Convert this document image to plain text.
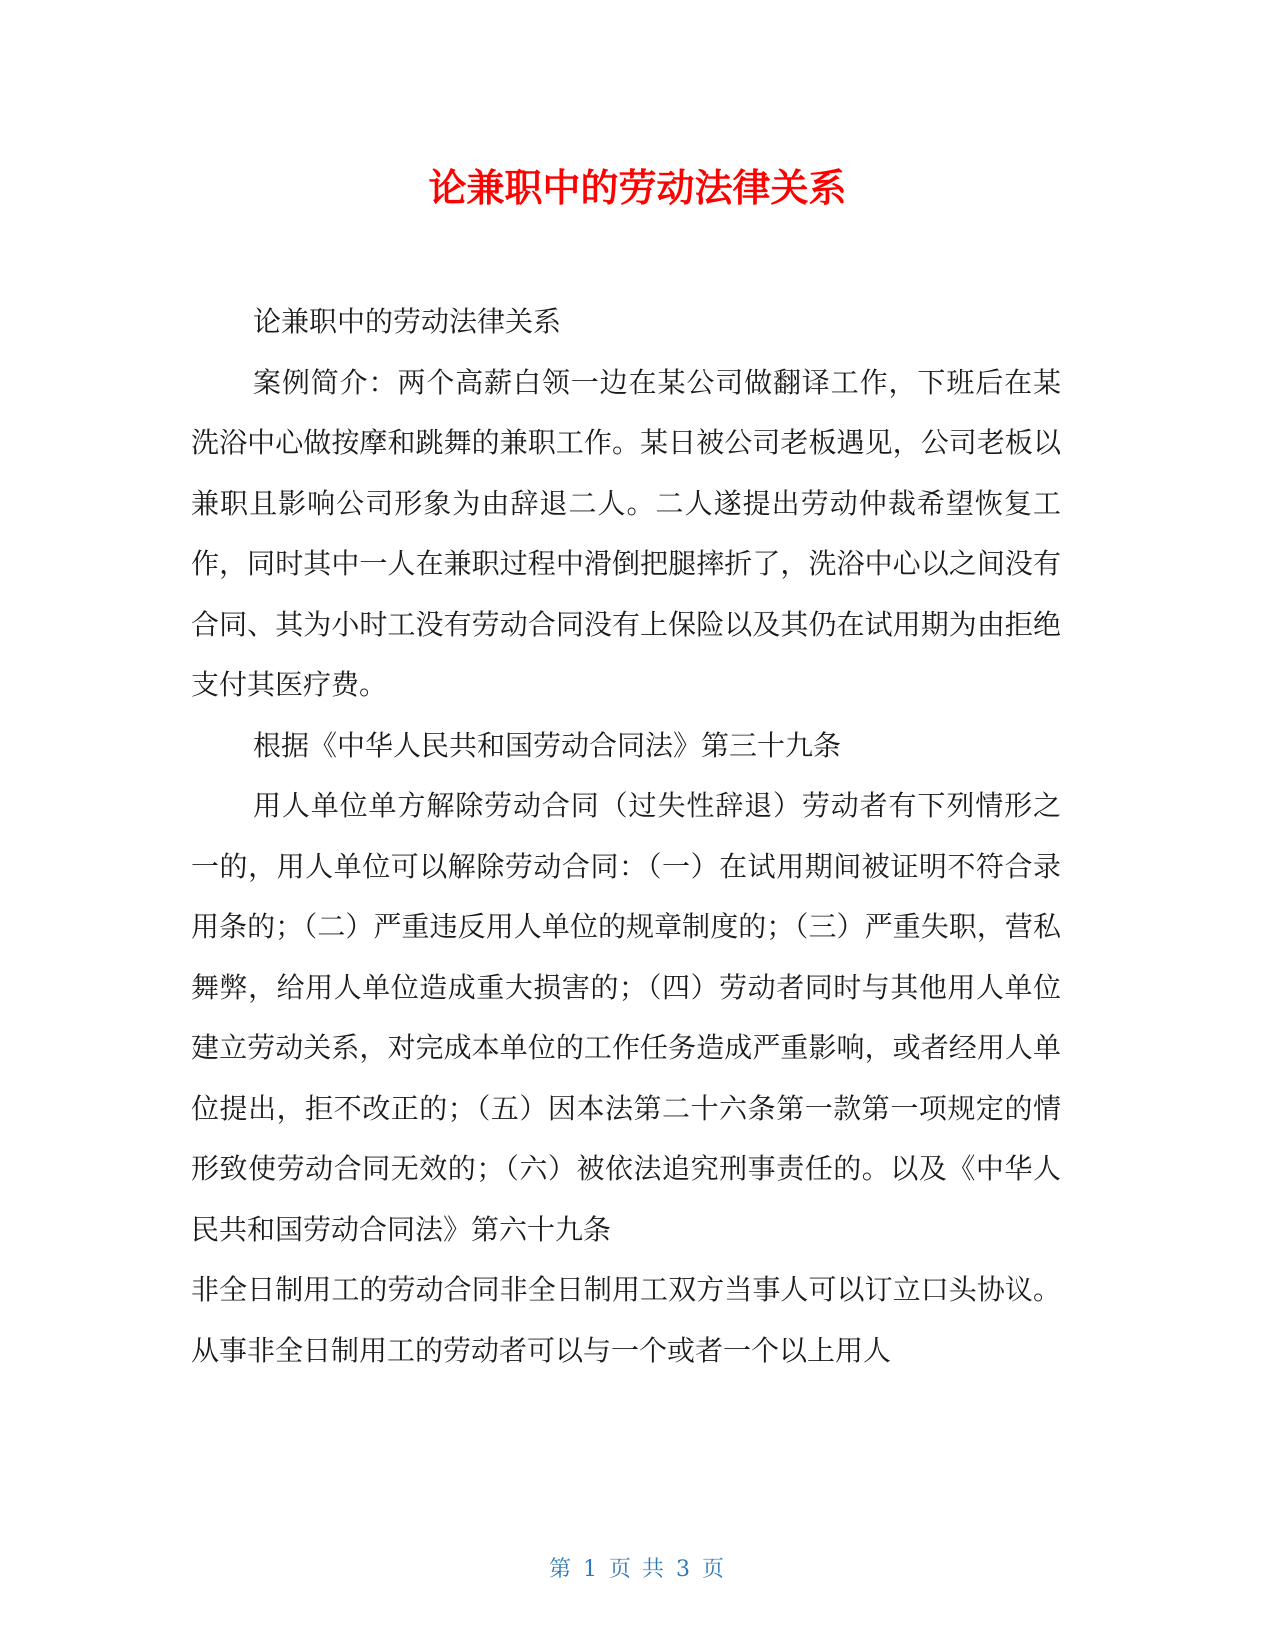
论兼职中的劳动法律关系

论兼职中的劳动法律关系

案例简介：两个高薪白领一边在某公司做翻译工作，下班后在某洗浴中心做按摩和跳舞的兼职工作。某日被公司老板遇见，公司老板以兼职且影响公司形象为由辞退二人。二人遂提出劳动仲裁希望恢复工作，同时其中一人在兼职过程中滑倒把腿摔折了，洗浴中心以之间没有合同、其为小时工没有劳动合同没有上保险以及其仍在试用期为由拒绝支付其医疗费。

根据《中华人民共和国劳动合同法》第三十九条

用人单位单方解除劳动合同（过失性辞退）劳动者有下列情形之一的，用人单位可以解除劳动合同：（一）在试用期间被证明不符合录用条的；（二）严重违反用人单位的规章制度的；（三）严重失职，营私舞弊，给用人单位造成重大损害的；（四）劳动者同时与其他用人单位建立劳动关系，对完成本单位的工作任务造成严重影响，或者经用人单位提出，拒不改正的；（五）因本法第二十六条第一款第一项规定的情形致使劳动合同无效的；（六）被依法追究刑事责任的。以及《中华人民共和国劳动合同法》第六十九条

非全日制用工的劳动合同非全日制用工双方当事人可以订立口头协议。从事非全日制用工的劳动者可以与一个或者一个以上用人

第 1 页 共 3 页
